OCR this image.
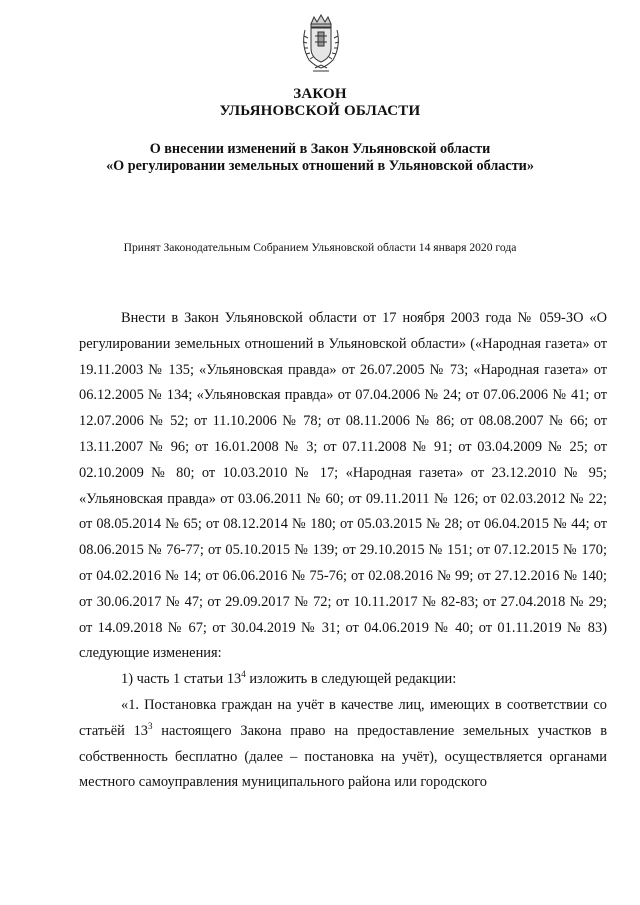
ЗАКОН
УЛЬЯНОВСКОЙ ОБЛАСТИ
О внесении изменений в Закон Ульяновской области
«О регулировании земельных отношений в Ульяновской области»
Принят Законодательным Собранием Ульяновской области 14 января 2020 года

Внести в Закон Ульяновской области от 17 ноября 2003 года № 059-ЗО «О регулировании земельных отношений в Ульяновской области» («Народная газета» от 19.11.2003 № 135; «Ульяновская правда» от 26.07.2005 № 73; «Народная газета» от 06.12.2005 № 134; «Ульяновская правда» от 07.04.2006 № 24; от 07.06.2006 № 41; от 12.07.2006 № 52; от 11.10.2006 № 78; от 08.11.2006 № 86; от 08.08.2007 № 66; от 13.11.2007 № 96; от 16.01.2008 № 3; от 07.11.2008 № 91; от 03.04.2009 № 25; от 02.10.2009 № 80; от 10.03.2010 № 17; «Народная газета» от 23.12.2010 № 95; «Ульяновская правда» от 03.06.2011 № 60; от 09.11.2011 № 126; от 02.03.2012 № 22; от 08.05.2014 № 65; от 08.12.2014 № 180; от 05.03.2015 № 28; от 06.04.2015 № 44; от 08.06.2015 № 76-77; от 05.10.2015 № 139; от 29.10.2015 № 151; от 07.12.2015 № 170; от 04.02.2016 № 14; от 06.06.2016 № 75-76; от 02.08.2016 № 99; от 27.12.2016 № 140; от 30.06.2017 № 47; от 29.09.2017 № 72; от 10.11.2017 № 82-83; от 27.04.2018 № 29; от 14.09.2018 № 67; от 30.04.2019 № 31; от 04.06.2019 № 40; от 01.11.2019 № 83) следующие изменения:

1) часть 1 статьи $13^4$ изложить в следующей редакции:

«1. Постановка граждан на учёт в качестве лиц, имеющих в соответствии со статьёй $13^3$ настоящего Закона право на предоставление земельных участков в собственность бесплатно (далее – постановка на учёт), осуществляется органами местного самоуправления муниципального района или городского
